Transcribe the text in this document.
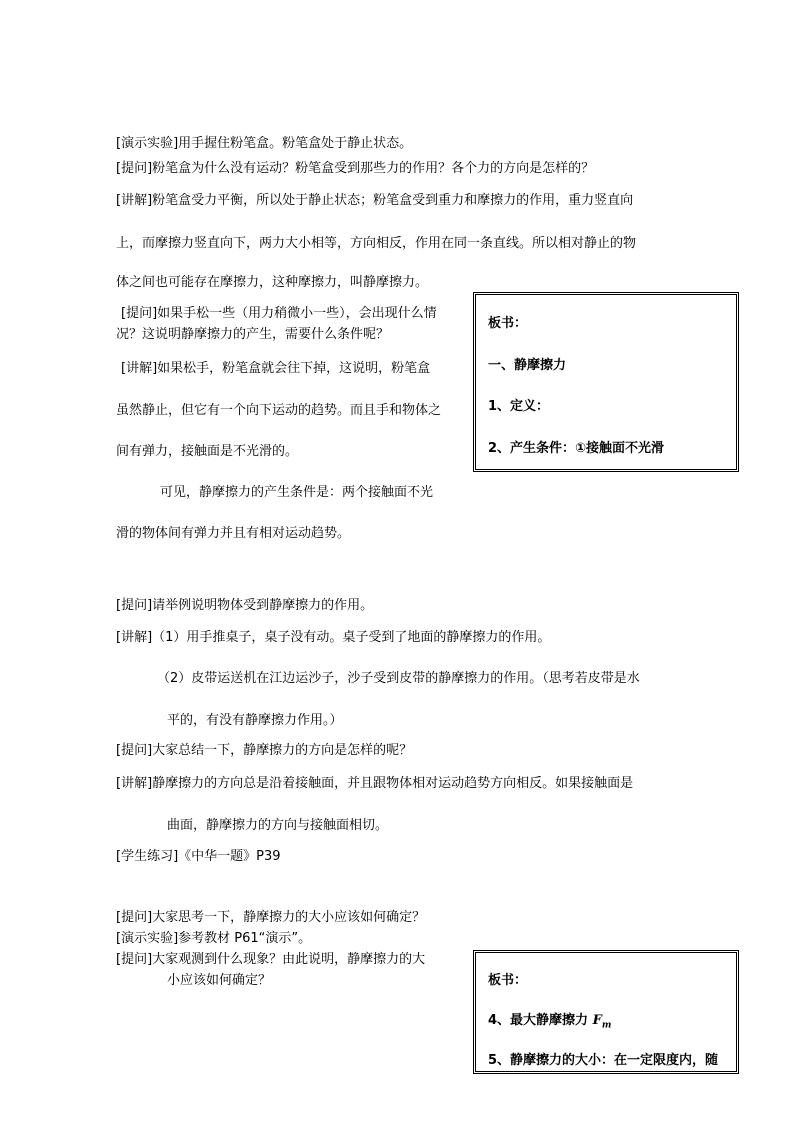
[演示实验]用手握住粉笔盒。粉笔盒处于静止状态。
[提问]粉笔盒为什么没有运动？粉笔盒受到那些力的作用？各个力的方向是怎样的？
[讲解]粉笔盒受力平衡，所以处于静止状态；粉笔盒受到重力和摩擦力的作用，重力竖直向
上，而摩擦力竖直向下，两力大小相等，方向相反，作用在同一条直线。所以相对静止的物
体之间也可能存在摩擦力，这种摩擦力，叫静摩擦力。
[提问]如果手松一些（用力稍微小一些），会出现什么情
况？这说明静摩擦力的产生，需要什么条件呢？
[讲解]如果松手，粉笔盒就会往下掉，这说明，粉笔盒
虽然静止，但它有一个向下运动的趋势。而且手和物体之
间有弹力，接触面是不光滑的。
可见，静摩擦力的产生条件是：两个接触面不光
滑的物体间有弹力并且有相对运动趋势。
板书：
一、静摩擦力
1、定义：
2、产生条件：①接触面不光滑
[提问]请举例说明物体受到静摩擦力的作用。
[讲解]（1）用手推桌子，桌子没有动。桌子受到了地面的静摩擦力的作用。
（2）皮带运送机在江边运沙子，沙子受到皮带的静摩擦力的作用。（思考若皮带是水
平的，有没有静摩擦力作用。）
[提问]大家总结一下，静摩擦力的方向是怎样的呢？
[讲解]静摩擦力的方向总是沿着接触面，并且跟物体相对运动趋势方向相反。如果接触面是
曲面，静摩擦力的方向与接触面相切。
[学生练习]《中华一题》P39
[提问]大家思考一下，静摩擦力的大小应该如何确定？
[演示实验]参考教材 P61“演示”。
[提问]大家观测到什么现象？由此说明，静摩擦力的大
小应该如何确定？	板书：
4、最大静摩擦力 $F_m$
5、静摩擦力的大小：在一定限度内，随
